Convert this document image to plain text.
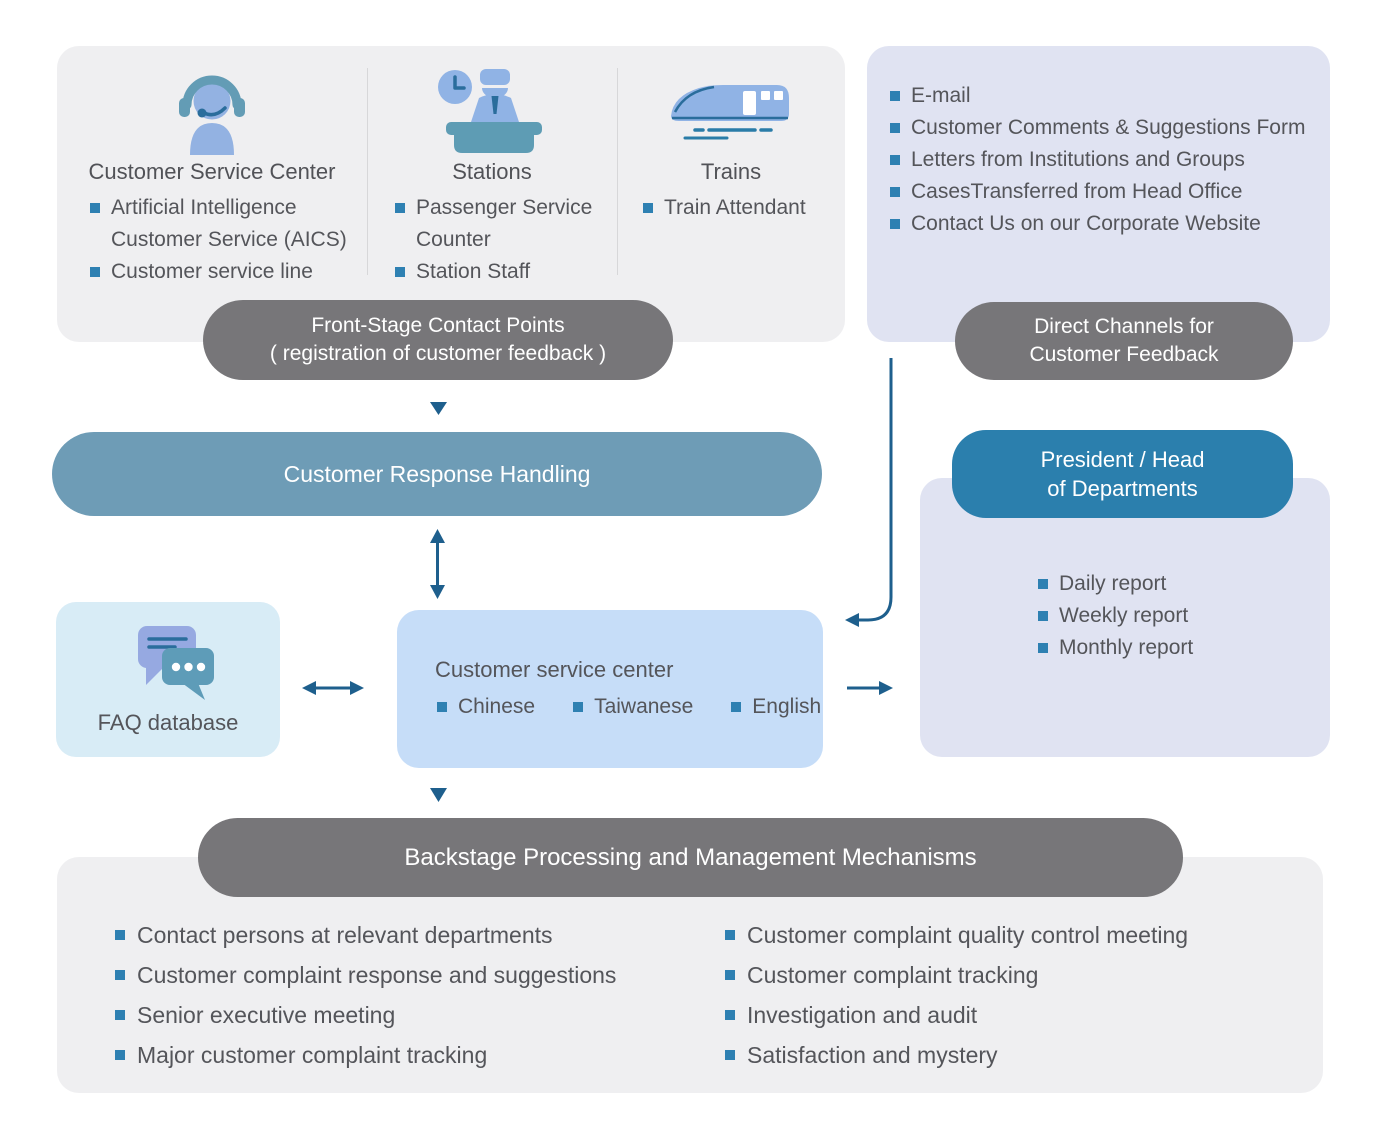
Customer Service Center
Artificial Intelligence Customer Service (AICS)
Customer service line
Stations
Passenger Service Counter
Station Staff
Trains
Train Attendant
Front-Stage Contact Points
( registration of customer feedback )
E-mail
Customer Comments & Suggestions Form
Letters from Institutions and Groups
CasesTransferred from Head Office
Contact Us on our Corporate Website
Direct Channels for
Customer Feedback
Customer Response Handling
FAQ database
Customer service center
Chinese	Taiwanese	English
Daily report
Weekly report
Monthly report
President / Head
of Departments
Contact persons at relevant departments
Customer complaint response and suggestions
Senior executive meeting
Major customer complaint tracking
Customer complaint quality control meeting
Customer complaint tracking
Investigation and audit
Satisfaction and mystery
Backstage Processing and Management Mechanisms
